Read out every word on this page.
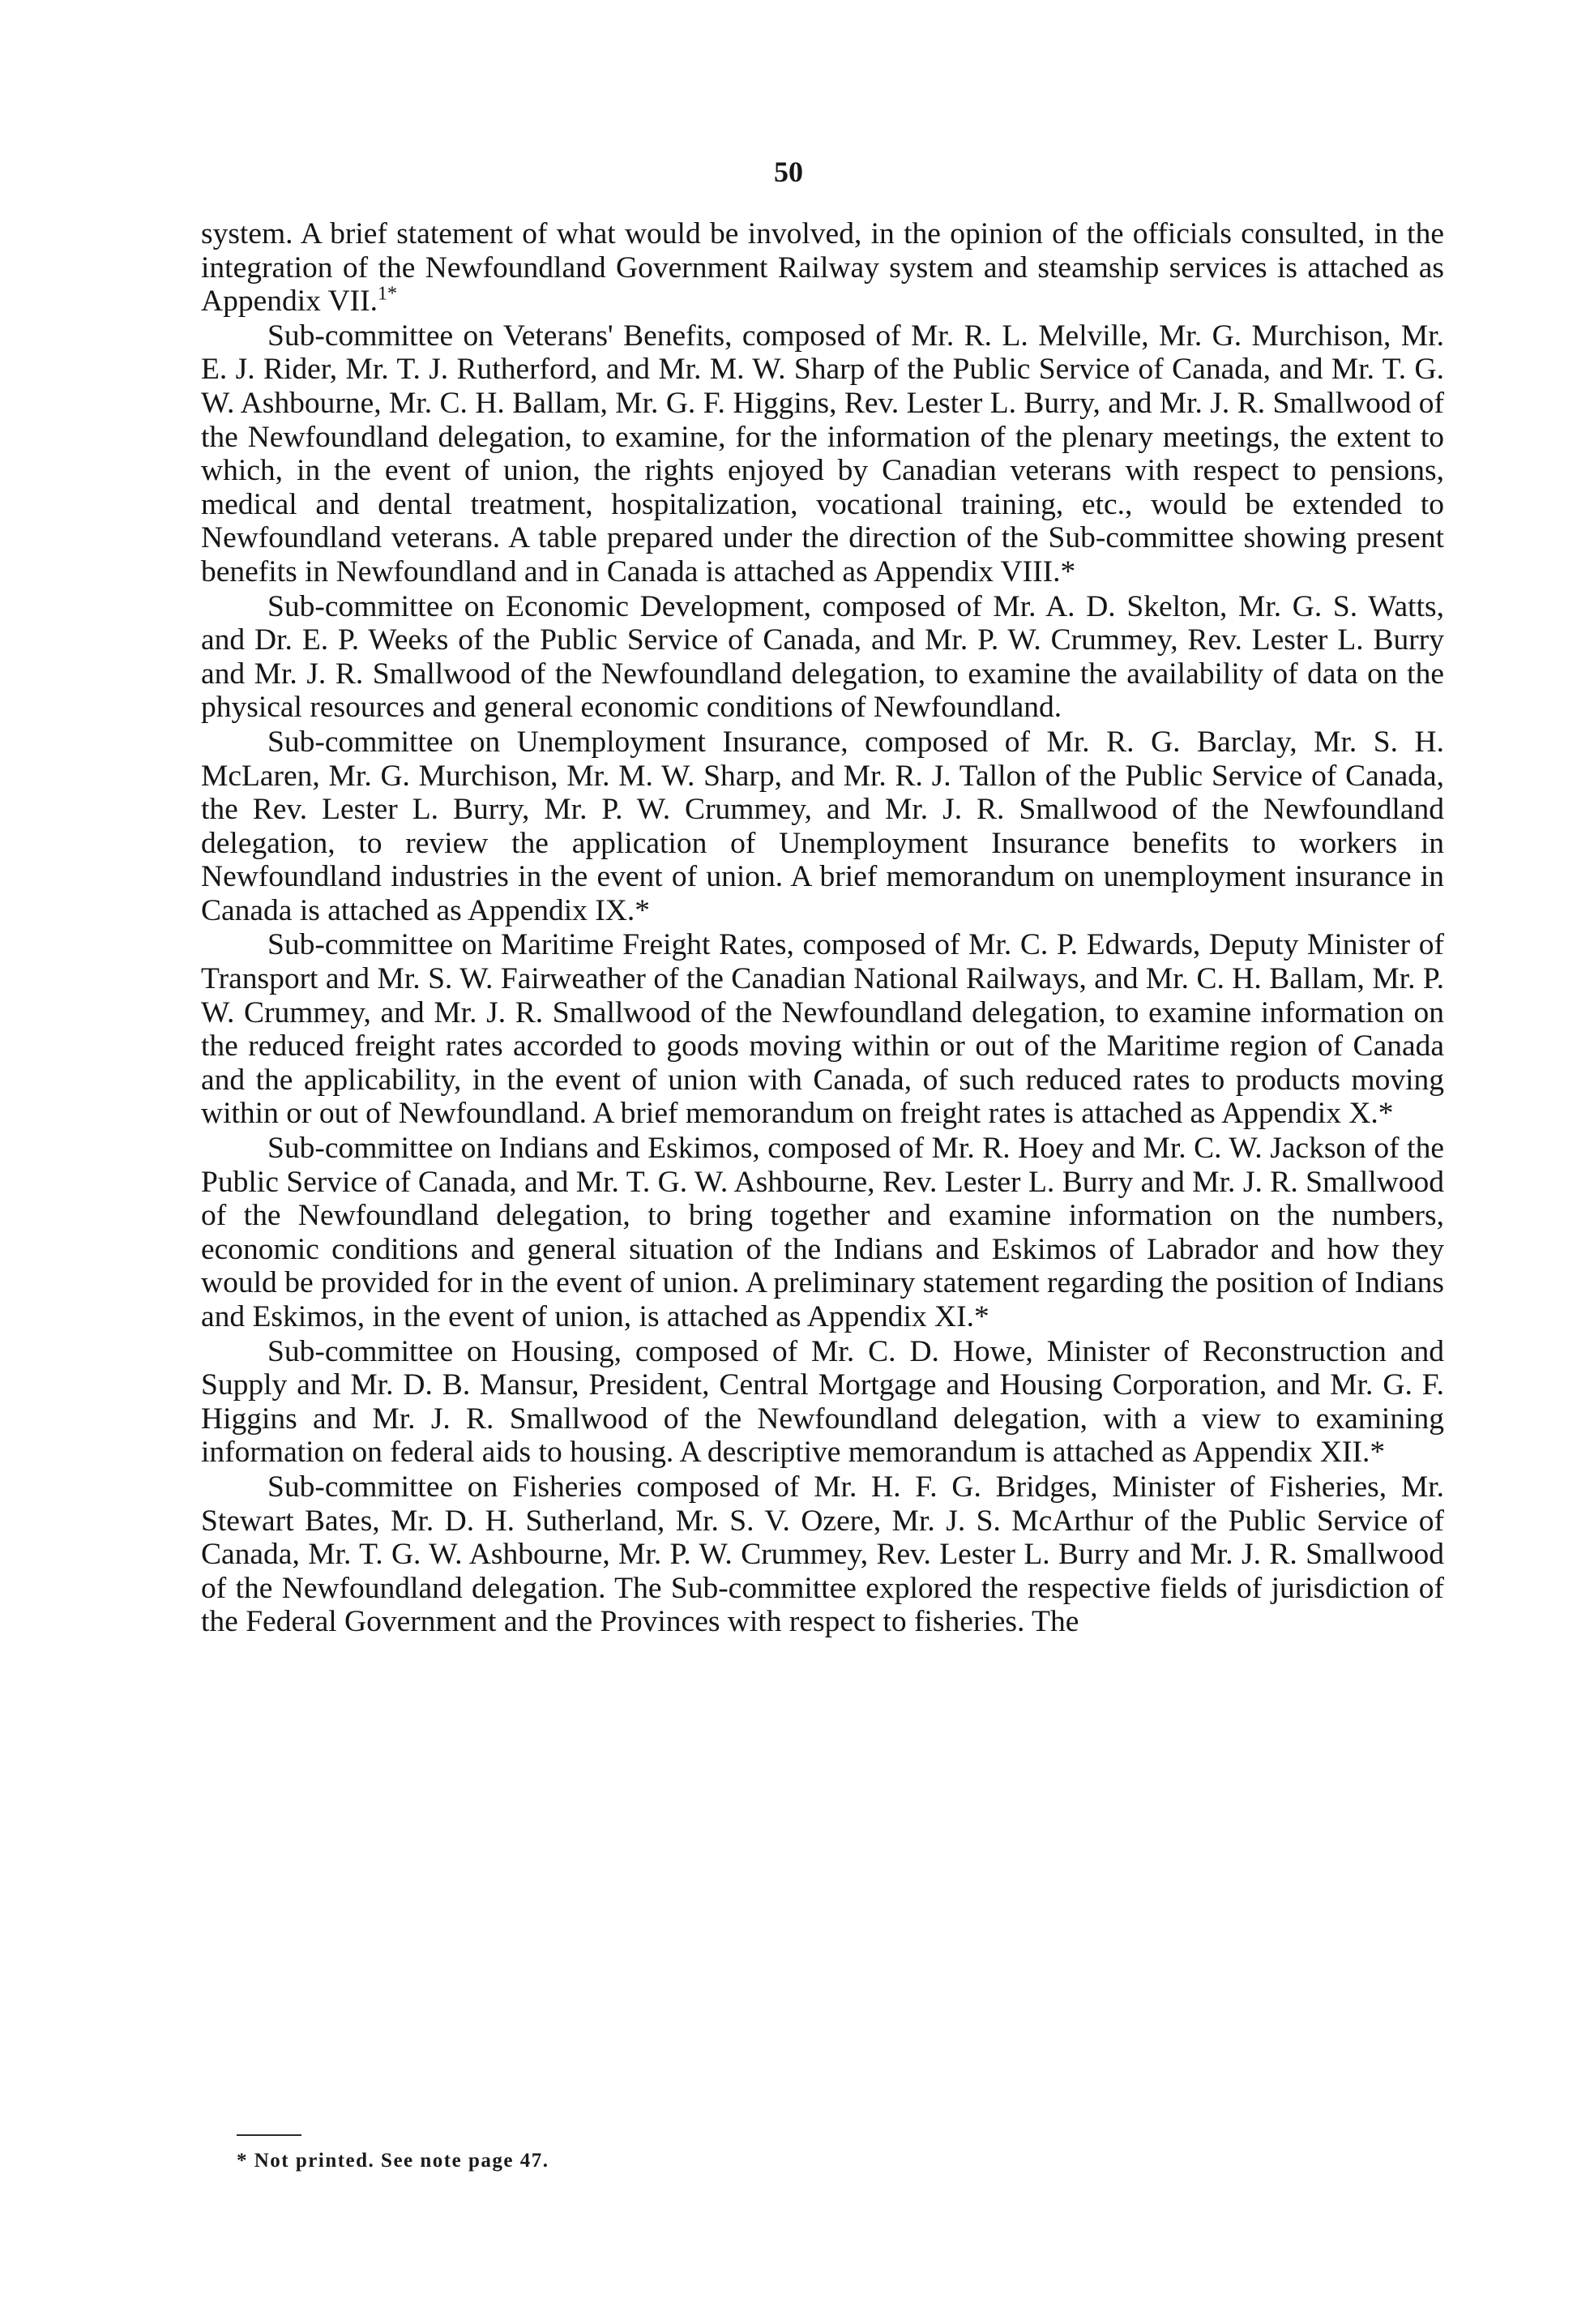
50

system. A brief statement of what would be involved, in the opinion of the officials consulted, in the integration of the Newfoundland Government Railway system and steamship services is attached as Appendix VII.$^{1*}$

Sub-committee on Veterans' Benefits, composed of Mr. R. L. Melville, Mr. G. Murchison, Mr. E. J. Rider, Mr. T. J. Rutherford, and Mr. M. W. Sharp of the Public Service of Canada, and Mr. T. G. W. Ashbourne, Mr. C. H. Ballam, Mr. G. F. Higgins, Rev. Lester L. Burry, and Mr. J. R. Smallwood of the Newfoundland delegation, to examine, for the information of the plenary meetings, the extent to which, in the event of union, the rights enjoyed by Canadian veterans with respect to pensions, medical and dental treatment, hospitalization, vocational training, etc., would be extended to Newfoundland veterans. A table prepared under the direction of the Sub-committee showing present benefits in Newfoundland and in Canada is attached as Appendix VIII.*

Sub-committee on Economic Development, composed of Mr. A. D. Skelton, Mr. G. S. Watts, and Dr. E. P. Weeks of the Public Service of Canada, and Mr. P. W. Crummey, Rev. Lester L. Burry and Mr. J. R. Smallwood of the Newfoundland delegation, to examine the availability of data on the physical resources and general economic conditions of Newfoundland.

Sub-committee on Unemployment Insurance, composed of Mr. R. G. Barclay, Mr. S. H. McLaren, Mr. G. Murchison, Mr. M. W. Sharp, and Mr. R. J. Tallon of the Public Service of Canada, the Rev. Lester L. Burry, Mr. P. W. Crummey, and Mr. J. R. Smallwood of the Newfoundland delegation, to review the application of Unemployment Insurance benefits to workers in Newfoundland industries in the event of union. A brief memorandum on unemployment insurance in Canada is attached as Appendix IX.*

Sub-committee on Maritime Freight Rates, composed of Mr. C. P. Edwards, Deputy Minister of Transport and Mr. S. W. Fairweather of the Canadian National Railways, and Mr. C. H. Ballam, Mr. P. W. Crummey, and Mr. J. R. Smallwood of the Newfoundland delegation, to examine information on the reduced freight rates accorded to goods moving within or out of the Maritime region of Canada and the applicability, in the event of union with Canada, of such reduced rates to products moving within or out of Newfoundland. A brief memorandum on freight rates is attached as Appendix X.*

Sub-committee on Indians and Eskimos, composed of Mr. R. Hoey and Mr. C. W. Jackson of the Public Service of Canada, and Mr. T. G. W. Ashbourne, Rev. Lester L. Burry and Mr. J. R. Smallwood of the Newfoundland delegation, to bring together and examine information on the numbers, economic conditions and general situation of the Indians and Eskimos of Labrador and how they would be provided for in the event of union. A preliminary statement regarding the position of Indians and Eskimos, in the event of union, is attached as Appendix XI.*

Sub-committee on Housing, composed of Mr. C. D. Howe, Minister of Reconstruction and Supply and Mr. D. B. Mansur, President, Central Mortgage and Housing Corporation, and Mr. G. F. Higgins and Mr. J. R. Smallwood of the Newfoundland delegation, with a view to examining information on federal aids to housing. A descriptive memorandum is attached as Appendix XII.*

Sub-committee on Fisheries composed of Mr. H. F. G. Bridges, Minister of Fisheries, Mr. Stewart Bates, Mr. D. H. Sutherland, Mr. S. V. Ozere, Mr. J. S. McArthur of the Public Service of Canada, Mr. T. G. W. Ashbourne, Mr. P. W. Crummey, Rev. Lester L. Burry and Mr. J. R. Smallwood of the Newfoundland delegation. The Sub-committee explored the respective fields of jurisdiction of the Federal Government and the Provinces with respect to fisheries. The

* Not printed. See note page 47.
